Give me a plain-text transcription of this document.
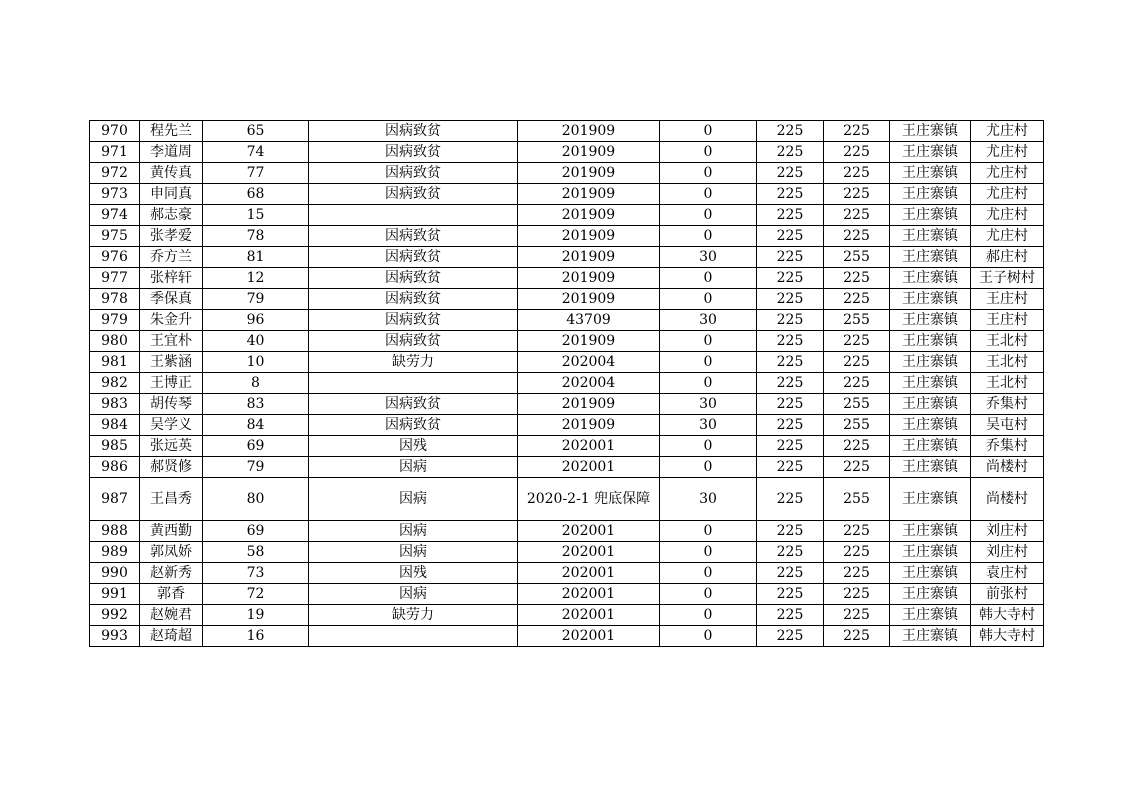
970	程先兰	65	因病致贫	201909	0	225	225	王庄寨镇	尤庄村
971	李道周	74	因病致贫	201909	0	225	225	王庄寨镇	尤庄村
972	黄传真	77	因病致贫	201909	0	225	225	王庄寨镇	尤庄村
973	申同真	68	因病致贫	201909	0	225	225	王庄寨镇	尤庄村
974	郝志豪	15		201909	0	225	225	王庄寨镇	尤庄村
975	张孝爱	78	因病致贫	201909	0	225	225	王庄寨镇	尤庄村
976	乔方兰	81	因病致贫	201909	30	225	255	王庄寨镇	郝庄村
977	张梓轩	12	因病致贫	201909	0	225	225	王庄寨镇	王子树村
978	季保真	79	因病致贫	201909	0	225	225	王庄寨镇	王庄村
979	朱金升	96	因病致贫	43709	30	225	255	王庄寨镇	王庄村
980	王宜朴	40	因病致贫	201909	0	225	225	王庄寨镇	王北村
981	王紫涵	10	缺劳力	202004	0	225	225	王庄寨镇	王北村
982	王博正	8		202004	0	225	225	王庄寨镇	王北村
983	胡传琴	83	因病致贫	201909	30	225	255	王庄寨镇	乔集村
984	吴学义	84	因病致贫	201909	30	225	255	王庄寨镇	吴屯村
985	张远英	69	因残	202001	0	225	225	王庄寨镇	乔集村
986	郝贤修	79	因病	202001	0	225	225	王庄寨镇	尚楼村
987	王昌秀	80	因病	2020-2-1 兜底保障	30	225	255	王庄寨镇	尚楼村
988	黄西勤	69	因病	202001	0	225	225	王庄寨镇	刘庄村
989	郭凤娇	58	因病	202001	0	225	225	王庄寨镇	刘庄村
990	赵新秀	73	因残	202001	0	225	225	王庄寨镇	袁庄村
991	郭香	72	因病	202001	0	225	225	王庄寨镇	前张村
992	赵婉君	19	缺劳力	202001	0	225	225	王庄寨镇	韩大寺村
993	赵琦超	16		202001	0	225	225	王庄寨镇	韩大寺村
